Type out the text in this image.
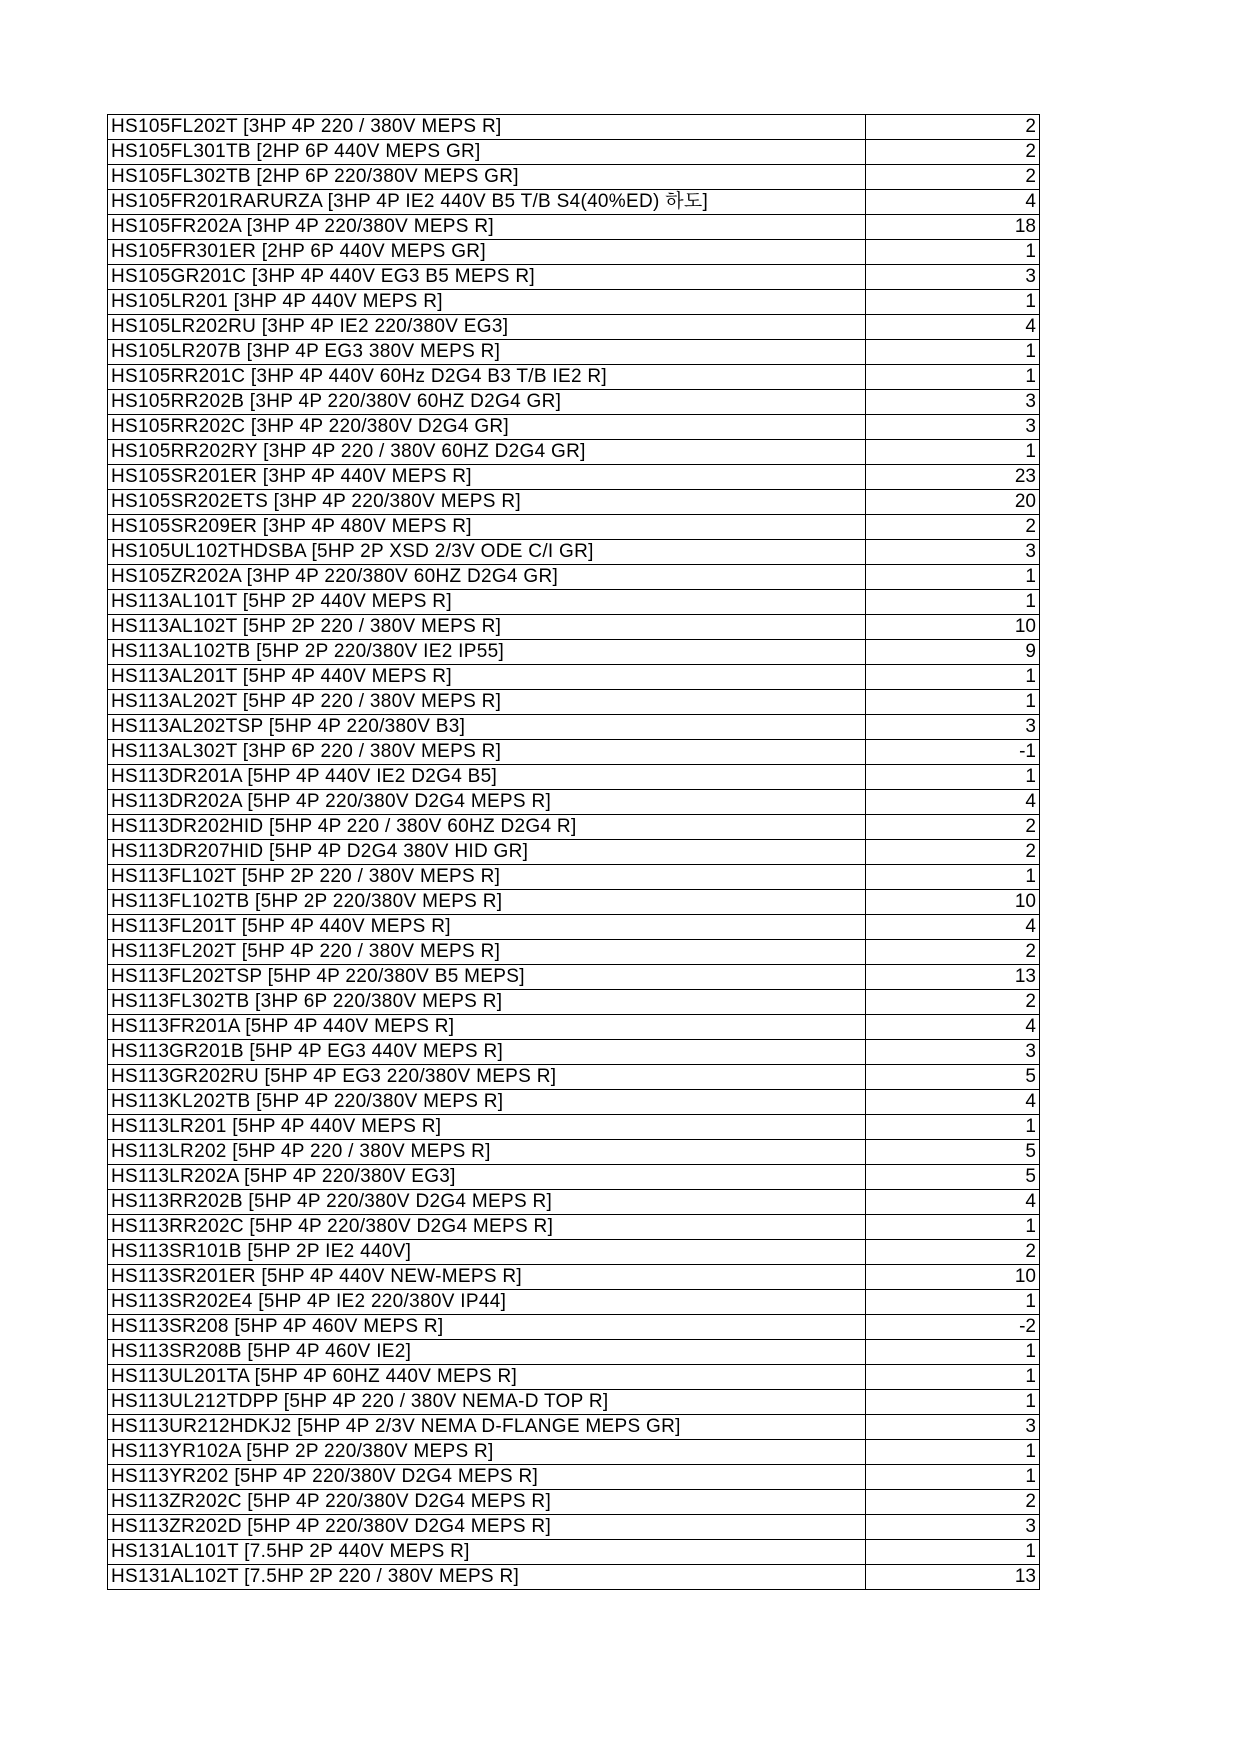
HS105FL202T [3HP 4P 220 / 380V MEPS R]	2
HS105FL301TB [2HP 6P 440V MEPS GR]	2
HS105FL302TB [2HP 6P 220/380V MEPS GR]	2
HS105FR201RARURZA [3HP 4P IE2 440V B5 T/B S4(40%ED) 하도]	4
HS105FR202A [3HP 4P 220/380V MEPS R]	18
HS105FR301ER [2HP 6P 440V MEPS GR]	1
HS105GR201C [3HP 4P 440V EG3 B5 MEPS R]	3
HS105LR201 [3HP 4P 440V MEPS R]	1
HS105LR202RU [3HP 4P IE2 220/380V EG3]	4
HS105LR207B [3HP 4P EG3 380V MEPS R]	1
HS105RR201C [3HP 4P 440V 60Hz D2G4 B3 T/B IE2 R]	1
HS105RR202B [3HP 4P 220/380V 60HZ D2G4 GR]	3
HS105RR202C [3HP 4P 220/380V D2G4 GR]	3
HS105RR202RY [3HP 4P 220 / 380V 60HZ D2G4 GR]	1
HS105SR201ER [3HP 4P 440V MEPS R]	23
HS105SR202ETS [3HP 4P 220/380V MEPS R]	20
HS105SR209ER [3HP 4P 480V MEPS R]	2
HS105UL102THDSBA [5HP 2P XSD 2/3V ODE C/I GR]	3
HS105ZR202A [3HP 4P 220/380V 60HZ D2G4 GR]	1
HS113AL101T [5HP 2P 440V MEPS R]	1
HS113AL102T [5HP 2P 220 / 380V MEPS R]	10
HS113AL102TB [5HP 2P 220/380V IE2 IP55]	9
HS113AL201T [5HP 4P 440V MEPS R]	1
HS113AL202T [5HP 4P 220 / 380V MEPS R]	1
HS113AL202TSP [5HP 4P 220/380V B3]	3
HS113AL302T [3HP 6P 220 / 380V MEPS R]	-1
HS113DR201A [5HP 4P 440V IE2 D2G4 B5]	1
HS113DR202A [5HP 4P 220/380V D2G4 MEPS R]	4
HS113DR202HID [5HP 4P 220 / 380V 60HZ D2G4 R]	2
HS113DR207HID [5HP 4P D2G4 380V HID GR]	2
HS113FL102T [5HP 2P 220 / 380V MEPS R]	1
HS113FL102TB [5HP 2P 220/380V MEPS R]	10
HS113FL201T [5HP 4P 440V MEPS R]	4
HS113FL202T [5HP 4P 220 / 380V MEPS R]	2
HS113FL202TSP [5HP 4P 220/380V B5 MEPS]	13
HS113FL302TB [3HP 6P 220/380V MEPS R]	2
HS113FR201A [5HP 4P 440V MEPS R]	4
HS113GR201B [5HP 4P EG3 440V MEPS R]	3
HS113GR202RU [5HP 4P EG3 220/380V MEPS R]	5
HS113KL202TB [5HP 4P 220/380V MEPS R]	4
HS113LR201 [5HP 4P 440V MEPS R]	1
HS113LR202 [5HP 4P 220 / 380V MEPS R]	5
HS113LR202A [5HP 4P 220/380V EG3]	5
HS113RR202B [5HP 4P 220/380V D2G4 MEPS R]	4
HS113RR202C [5HP 4P 220/380V D2G4 MEPS R]	1
HS113SR101B [5HP 2P IE2 440V]	2
HS113SR201ER [5HP 4P 440V NEW-MEPS R]	10
HS113SR202E4 [5HP 4P IE2 220/380V IP44]	1
HS113SR208 [5HP 4P 460V MEPS R]	-2
HS113SR208B [5HP 4P 460V IE2]	1
HS113UL201TA [5HP 4P 60HZ 440V MEPS R]	1
HS113UL212TDPP [5HP 4P 220 / 380V NEMA-D TOP R]	1
HS113UR212HDKJ2 [5HP 4P 2/3V NEMA D-FLANGE MEPS GR]	3
HS113YR102A [5HP 2P 220/380V MEPS R]	1
HS113YR202 [5HP 4P 220/380V D2G4 MEPS R]	1
HS113ZR202C [5HP 4P 220/380V D2G4 MEPS R]	2
HS113ZR202D [5HP 4P 220/380V D2G4 MEPS R]	3
HS131AL101T [7.5HP 2P 440V MEPS R]	1
HS131AL102T [7.5HP 2P 220 / 380V MEPS R]	13
